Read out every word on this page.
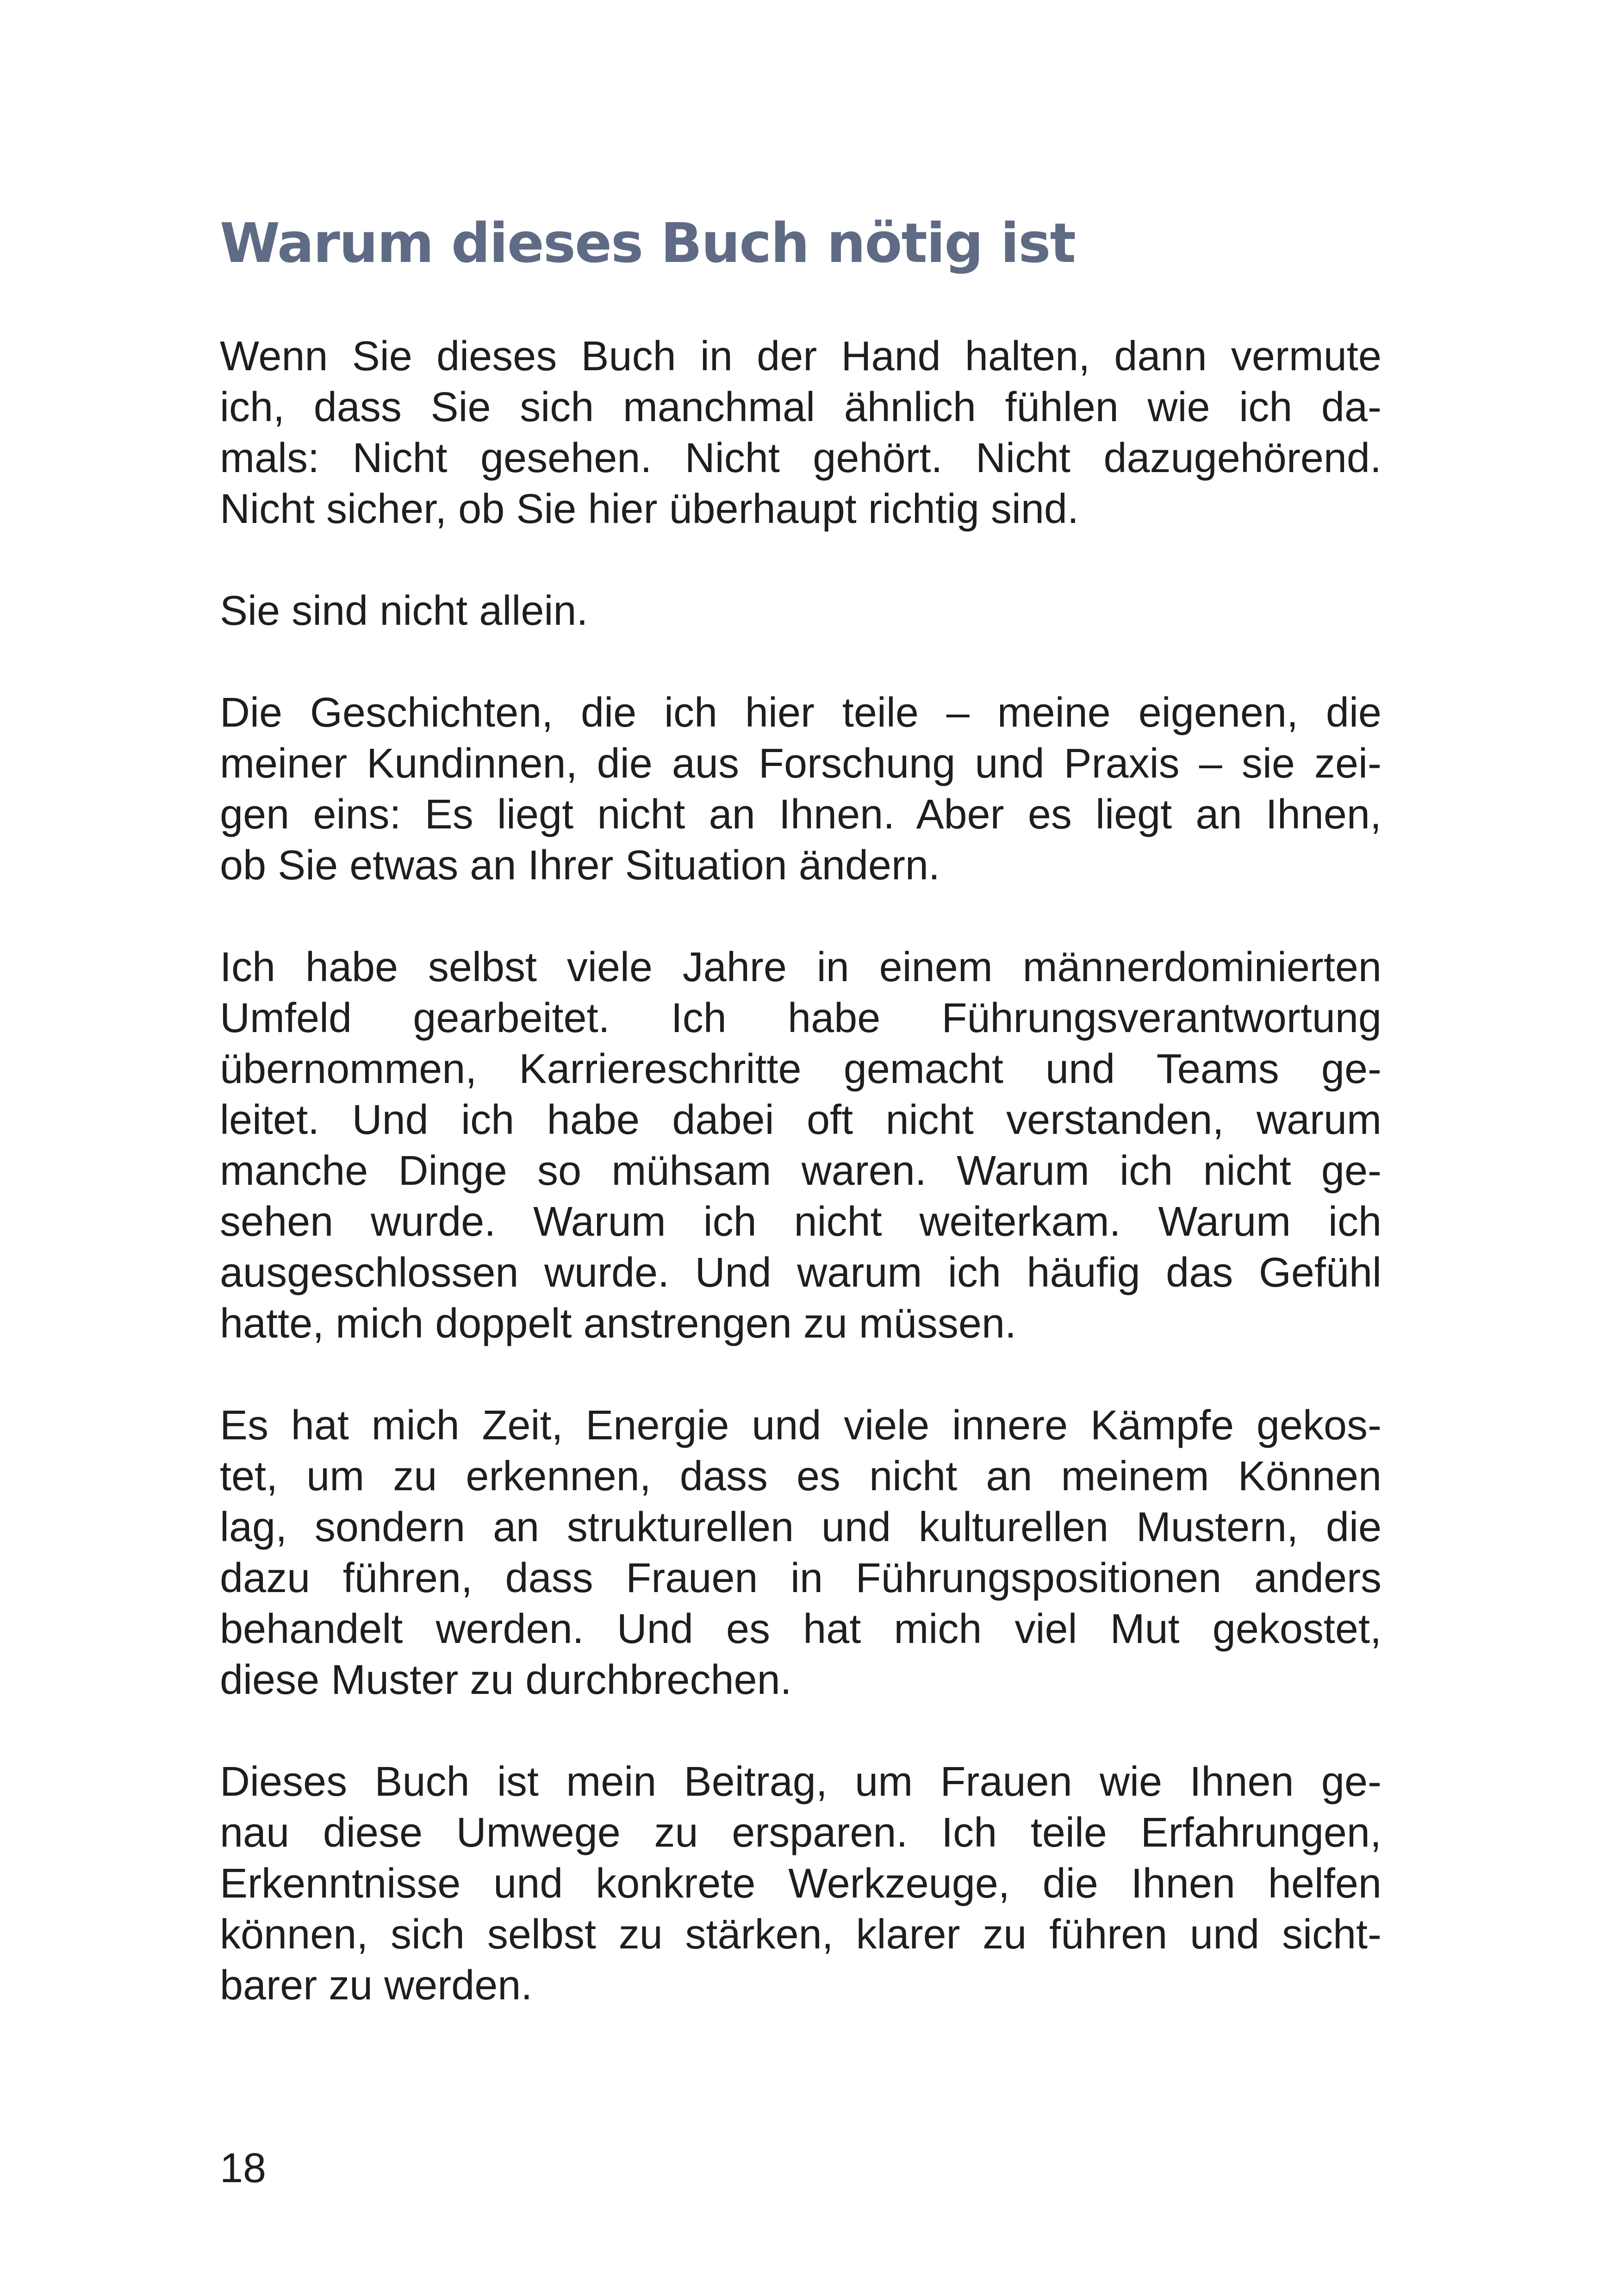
Warum dieses Buch nötig ist

Wenn Sie dieses Buch in der Hand halten, dann vermute
ich, dass Sie sich manchmal ähnlich fühlen wie ich da-
mals: Nicht gesehen. Nicht gehört. Nicht dazugehörend.
Nicht sicher, ob Sie hier überhaupt richtig sind.

Sie sind nicht allein.

Die Geschichten, die ich hier teile – meine eigenen, die
meiner Kundinnen, die aus Forschung und Praxis – sie zei-
gen eins: Es liegt nicht an Ihnen. Aber es liegt an Ihnen,
ob Sie etwas an Ihrer Situation ändern.

Ich habe selbst viele Jahre in einem männerdominierten
Umfeld gearbeitet. Ich habe Führungsverantwortung
übernommen, Karriereschritte gemacht und Teams ge-
leitet. Und ich habe dabei oft nicht verstanden, warum
manche Dinge so mühsam waren. Warum ich nicht ge-
sehen wurde. Warum ich nicht weiterkam. Warum ich
ausgeschlossen wurde. Und warum ich häufig das Gefühl
hatte, mich doppelt anstrengen zu müssen.

Es hat mich Zeit, Energie und viele innere Kämpfe gekos-
tet, um zu erkennen, dass es nicht an meinem Können
lag, sondern an strukturellen und kulturellen Mustern, die
dazu führen, dass Frauen in Führungspositionen anders
behandelt werden. Und es hat mich viel Mut gekostet,
diese Muster zu durchbrechen.

Dieses Buch ist mein Beitrag, um Frauen wie Ihnen ge-
nau diese Umwege zu ersparen. Ich teile Erfahrungen,
Erkenntnisse und konkrete Werkzeuge, die Ihnen helfen
können, sich selbst zu stärken, klarer zu führen und sicht-
barer zu werden.

18
